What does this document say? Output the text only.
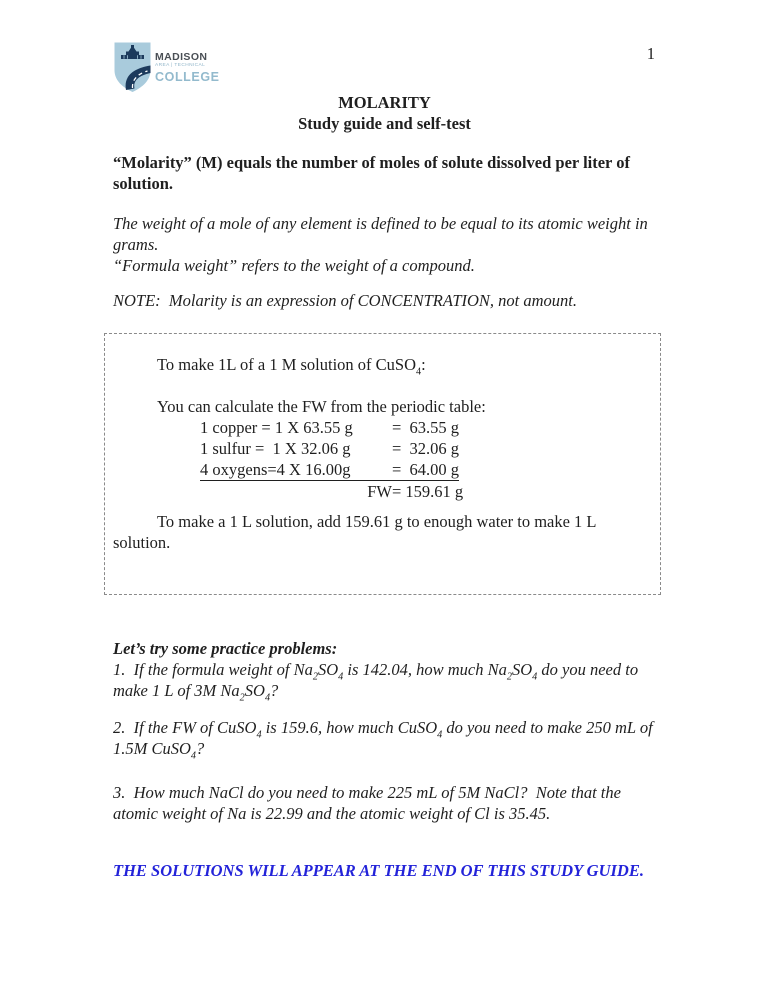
MADISON
AREA | TECHNICAL
COLLEGE
1
MOLARITY
Study guide and self-test

“Molarity” (M) equals the number of moles of solute dissolved per liter of solution.

The weight of a mole of any element is defined to be equal to its atomic weight in grams.

“Formula weight” refers to the weight of a compound.

NOTE:  Molarity is an expression of CONCENTRATION, not amount.

To make 1L of a 1 M solution of CuSO$_4$:

You can calculate the FW from the periodic table:

1 copper = 1 X 63.55 g	=  63.55 g
1 sulfur =  1 X 32.06 g	=  32.06 g
4 oxygens=4 X 16.00g	=  64.00 g
FW = 159.61 g

To make a 1 L solution, add 159.61 g to enough water to make 1 L solution.

Let’s try some practice problems:

1.  If the formula weight of $Na_2SO_4$ is 142.04, how much $Na_2SO_4$ do you need to make 1 L of 3M $Na_2SO_4$?

2.  If the FW of CuSO$_4$ is 159.6, how much CuSO$_4$ do you need to make 250 mL of 1.5M CuSO$_4$?

3.  How much NaCl do you need to make 225 mL of 5M NaCl?  Note that the atomic weight of Na is 22.99 and the atomic weight of Cl is 35.45.

THE SOLUTIONS WILL APPEAR AT THE END OF THIS STUDY GUIDE.
